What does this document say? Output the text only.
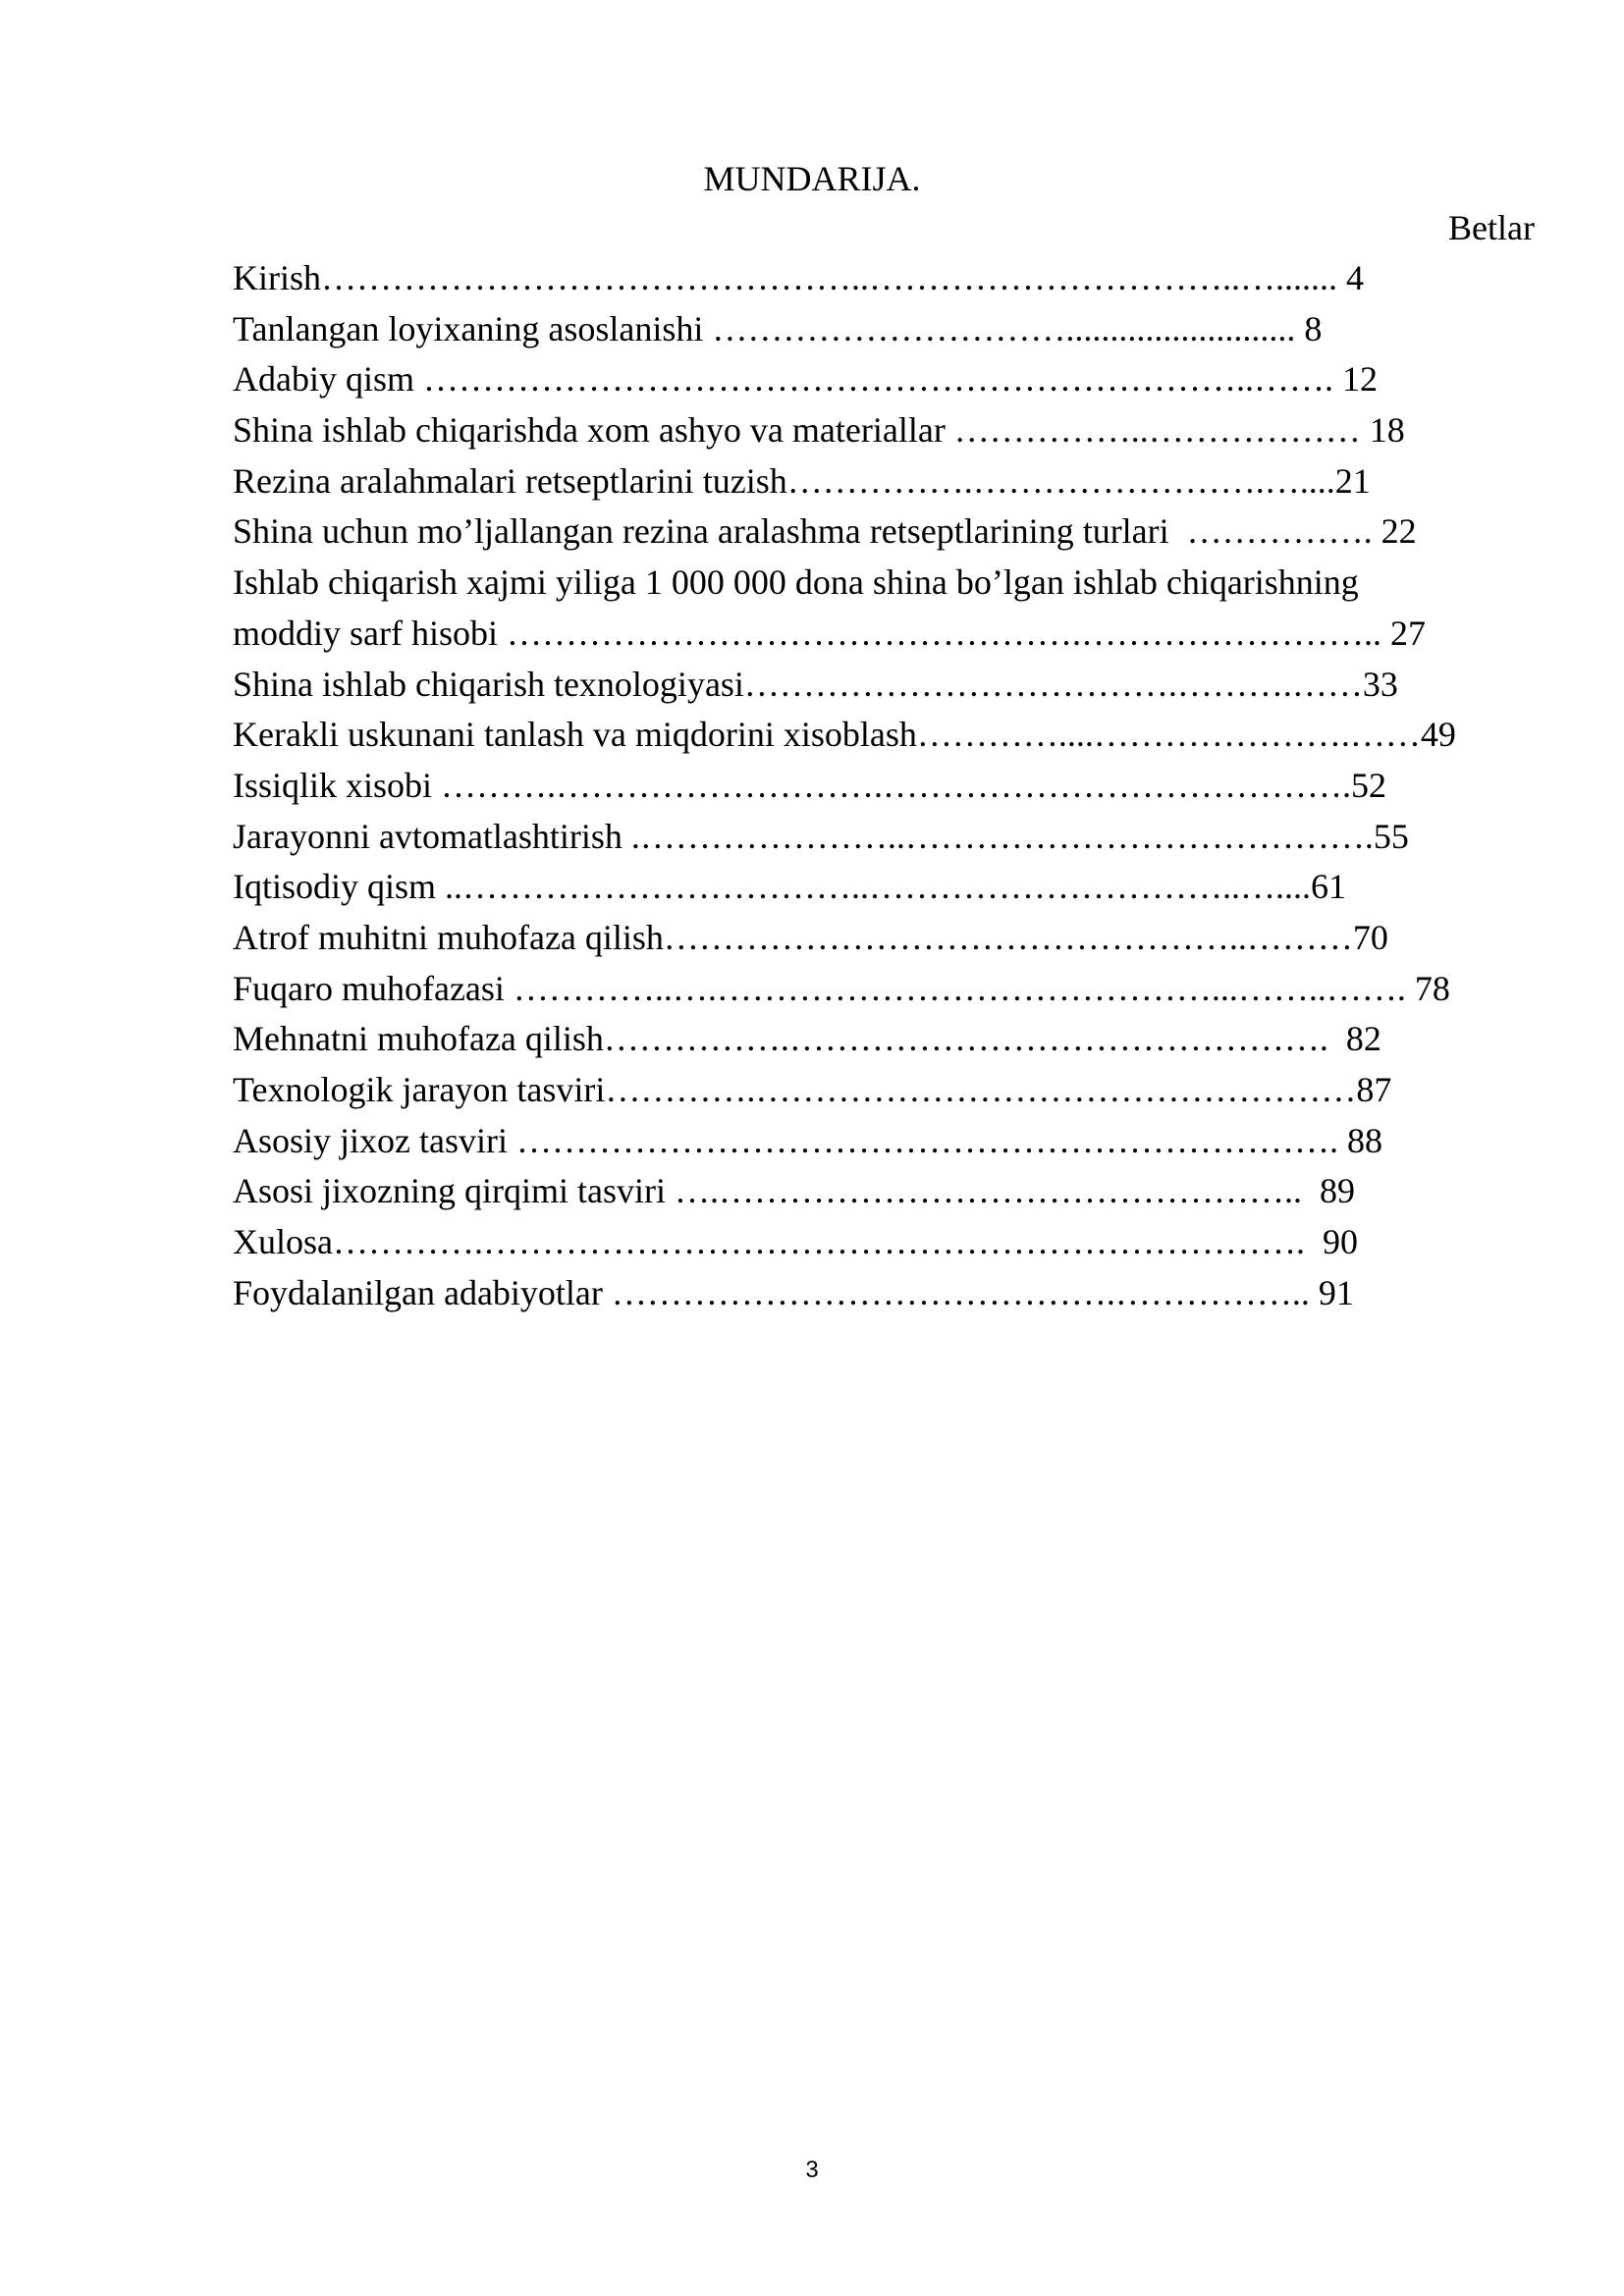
MUNDARIJA.
Betlar
Kirish………………………………………..…………………………..…....... 4
Tanlangan loyixaning asoslanishi ………………………….......................... 8
Adabiy qism ……………………………………………………………..……. 12
Shina ishlab chiqarishda xom ashyo va materiallar ……………..……………… 18
Rezina aralahmalari retseptlarini tuzish…………….…………………….…....21
Shina uchun mo’ljallangan rezina aralashma retseptlarining turlari  ……………. 22
Ishlab chiqarish xajmi yiliga 1 000 000 dona shina bo’lgan ishlab chiqarishning
moddiy sarf hisobi ………………………………………….…………………….. 27
Shina ishlab chiqarish texnologiyasi……………………………….……….……33
Kerakli uskunani tanlash va miqdorini xisoblash…………....………………….……49
Issiqlik xisobi ……….……………………….………………………………….52
Jarayonni avtomatlashtirish .…………………..………………………………….55
Iqtisodiy qism ..……………………………..…………………………..…....61
Atrof muhitni muhofaza qilish…………………………………………..………70
Fuqaro muhofazasi …………..….……………………………………...……..……. 78
Mehnatni muhofaza qilish…………….……………………………………….  82
Texnologik jarayon tasviri………….……………………………………………87
Asosiy jixoz tasviri ……………………………………………………………. 88
Asosi jixozning qirqimi tasviri ….…………………………………………..  89
Xulosa………….…………………………………………………………….  90
Foydalanilgan adabiyotlar …………………………………….…………….. 91
3
